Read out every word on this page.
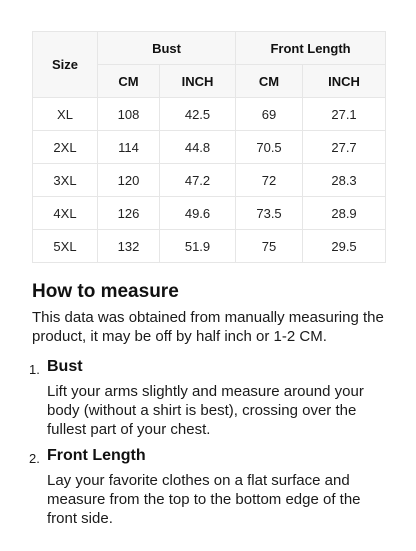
Size	Bust		Front Length	
	CM	INCH	CM	INCH
XL	108	42.5	69	27.1
2XL	114	44.8	70.5	27.7
3XL	120	47.2	72	28.3
4XL	126	49.6	73.5	28.9
5XL	132	51.9	75	29.5
How to measure

This data was obtained from manually measuring the product, it may be off by half inch or 1-2 CM.

1. Bust
Lift your arms slightly and measure around your body (without a shirt is best), crossing over the fullest part of your chest.
2. Front Length
Lay your favorite clothes on a flat surface and measure from the top to the bottom edge of the front side.
